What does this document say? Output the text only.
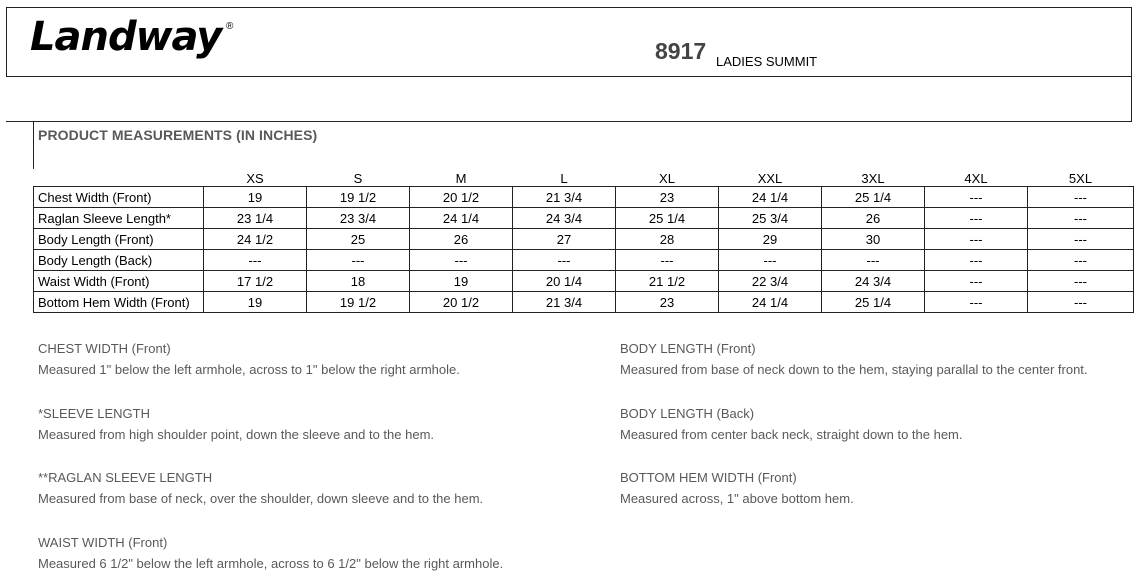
Landway ®
8917 LADIES SUMMIT
PRODUCT MEASUREMENTS (IN INCHES)
	XS	S	M	L	XL	XXL	3XL	4XL	5XL
Chest Width (Front)	19	19 1/2	20 1/2	21 3/4	23	24 1/4	25 1/4	---	---
Raglan Sleeve Length*	23 1/4	23 3/4	24 1/4	24 3/4	25 1/4	25 3/4	26	---	---
Body Length (Front)	24 1/2	25	26	27	28	29	30	---	---
Body Length (Back)	---	---	---	---	---	---	---	---	---
Waist Width (Front)	17 1/2	18	19	20 1/4	21 1/2	22 3/4	24 3/4	---	---
Bottom Hem Width (Front)	19	19 1/2	20 1/2	21 3/4	23	24 1/4	25 1/4	---	---
CHEST WIDTH (Front)
Measured 1" below the left armhole, across to 1" below the right armhole.
*SLEEVE LENGTH
Measured from high shoulder point, down the sleeve and to the hem.
**RAGLAN SLEEVE LENGTH
Measured from base of neck, over the shoulder, down sleeve and to the hem.
WAIST WIDTH (Front)
Measured 6 1/2" below the left armhole, across to 6 1/2" below the right armhole.
BODY LENGTH (Front)
Measured from base of neck down to the hem, staying parallal to the center front.
BODY LENGTH (Back)
Measured from center back neck, straight down to the hem.
BOTTOM HEM WIDTH (Front)
Measured across, 1" above bottom hem.
